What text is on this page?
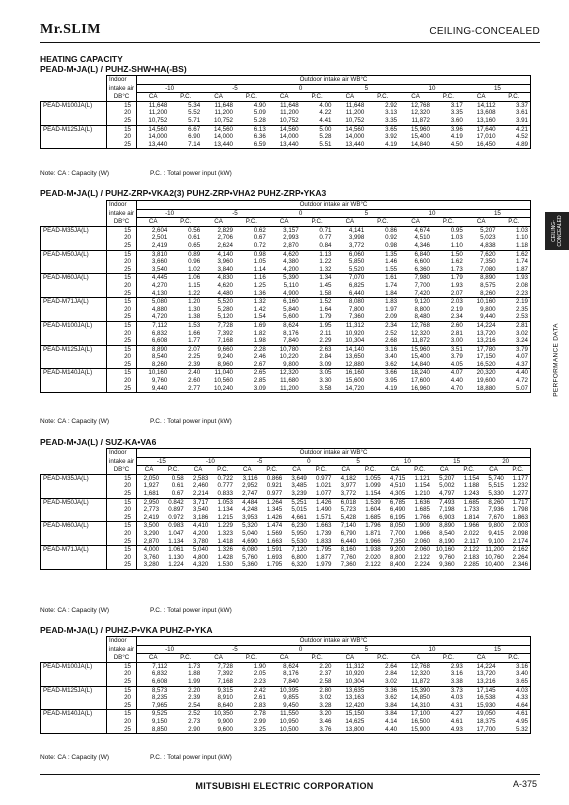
Mr.SLIM	CEILING-CONCEALED
CEILING-
CONCEALED
PERFORMANCE DATA
HEATING CAPACITY
PEAD-M•JA(L) / PUHZ-SHW•HA(-BS)
	Indoor	Outdoor intake air WB°C											
	intake air	-10		-5		0		5		10		15	
	DB°C	CA	P.C.	CA	P.C.	CA	P.C.	CA	P.C.	CA	P.C.	CA	P.C.
PEAD-M100JA(L)	15	11,648	5.34	11,648	4.90	11,648	4.00	11,648	2.92	12,768	3.17	14,112	3.37
	20	11,200	5.52	11,200	5.09	11,200	4.22	11,200	3.13	12,320	3.35	13,608	3.61
	25	10,752	5.71	10,752	5.28	10,752	4.41	10,752	3.35	11,872	3.60	13,160	3.91
PEAD-M125JA(L)	15	14,560	6.67	14,560	6.13	14,560	5.00	14,560	3.65	15,960	3.96	17,640	4.21
	20	14,000	6.90	14,000	6.36	14,000	5.28	14,000	3.92	15,400	4.19	17,010	4.52
	25	13,440	7.14	13,440	6.59	13,440	5.51	13,440	4.19	14,840	4.50	16,450	4.89
Note: CA : Capacity (W)	P.C. : Total power input (kW)
PEAD-M•JA(L) / PUHZ-ZRP•VKA2(3) PUHZ-ZRP•VHA2 PUHZ-ZRP•YKA3
	Indoor	Outdoor intake air WB°C											
	intake air	-10		-5		0		5		10		15	
	DB°C	CA	P.C.	CA	P.C.	CA	P.C.	CA	P.C.	CA	P.C.	CA	P.C.
PEAD-M35JA(L)	15	2,604	0.56	2,829	0.62	3,157	0.71	4,141	0.86	4,674	0.95	5,207	1.03
	20	2,501	0.61	2,706	0.67	2,993	0.77	3,998	0.92	4,510	1.03	5,023	1.10
	25	2,419	0.65	2,624	0.72	2,870	0.84	3,772	0.98	4,346	1.10	4,838	1.18
PEAD-M50JA(L)	15	3,810	0.89	4,140	0.98	4,620	1.13	6,060	1.35	6,840	1.50	7,620	1.62
	20	3,660	0.96	3,960	1.05	4,380	1.22	5,850	1.46	6,600	1.62	7,350	1.74
	25	3,540	1.02	3,840	1.14	4,200	1.32	5,520	1.55	6,360	1.73	7,080	1.87
PEAD-M60JA(L)	15	4,445	1.06	4,830	1.16	5,390	1.34	7,070	1.61	7,980	1.79	8,890	1.93
	20	4,270	1.15	4,620	1.25	5,110	1.45	6,825	1.74	7,700	1.93	8,575	2.08
	25	4,130	1.22	4,480	1.36	4,900	1.58	6,440	1.84	7,420	2.07	8,260	2.23
PEAD-M71JA(L)	15	5,080	1.20	5,520	1.32	6,160	1.52	8,080	1.83	9,120	2.03	10,160	2.19
	20	4,880	1.30	5,280	1.42	5,840	1.64	7,800	1.97	8,800	2.19	9,800	2.35
	25	4,720	1.38	5,120	1.54	5,600	1.79	7,360	2.09	8,480	2.34	9,440	2.53
PEAD-M100JA(L)	15	7,112	1.53	7,728	1.69	8,624	1.95	11,312	2.34	12,768	2.60	14,224	2.81
	20	6,832	1.66	7,392	1.82	8,176	2.11	10,920	2.52	12,320	2.81	13,720	3.02
	25	6,608	1.77	7,168	1.98	7,840	2.29	10,304	2.68	11,872	3.00	13,216	3.24
PEAD-M125JA(L)	15	8,890	2.07	9,660	2.28	10,780	2.63	14,140	3.16	15,960	3.51	17,780	3.79
	20	8,540	2.25	9,240	2.46	10,220	2.84	13,650	3.40	15,400	3.79	17,150	4.07
	25	8,260	2.39	8,960	2.67	9,800	3.09	12,880	3.62	14,840	4.05	16,520	4.37
PEAD-M140JA(L)	15	10,160	2.40	11,040	2.65	12,320	3.05	16,160	3.66	18,240	4.07	20,320	4.40
	20	9,760	2.60	10,560	2.85	11,680	3.30	15,600	3.95	17,600	4.40	19,600	4.72
	25	9,440	2.77	10,240	3.09	11,200	3.58	14,720	4.19	16,960	4.70	18,880	5.07
Note: CA : Capacity (W)	P.C. : Total power input (kW)
PEAD-M•JA(L) / SUZ-KA•VA6
	Indoor	Outdoor intake air WB°C															
	intake air	-15		-10		-5		0		5		10		15		20	
	DB°C	CA	P.C.	CA	P.C.	CA	P.C.	CA	P.C.	CA	P.C.	CA	P.C.	CA	P.C.	CA	P.C.
PEAD-M35JA(L)	15	2,050	0.58	2,583	0.722	3,116	0.866	3,649	0.977	4,182	1.055	4,715	1.121	5,207	1.154	5,740	1.177
	20	1,927	0.61	2,460	0.777	2,952	0.921	3,485	1.021	3,977	1.099	4,510	1.154	5,002	1.188	5,515	1.232
	25	1,681	0.67	2,214	0.833	2,747	0.977	3,239	1.077	3,772	1.154	4,305	1.210	4,797	1.243	5,330	1.277
PEAD-M50JA(L)	15	2,950	0.842	3,717	1.053	4,484	1.264	5,251	1.426	6,018	1.539	6,785	1.636	7,493	1.685	8,260	1.717
	20	2,773	0.897	3,540	1.134	4,248	1.345	5,015	1.490	5,723	1.604	6,490	1.685	7,198	1.733	7,936	1.798
	25	2,419	0.972	3,186	1.215	3,953	1.426	4,661	1.571	5,428	1.685	6,195	1.766	6,903	1.814	7,670	1.863
PEAD-M60JA(L)	15	3,500	0.983	4,410	1.229	5,320	1.474	6,230	1.663	7,140	1.796	8,050	1.909	8,890	1.966	9,800	2.003
	20	3,290	1.047	4,200	1.323	5,040	1.569	5,950	1.739	6,790	1.871	7,700	1.966	8,540	2.022	9,415	2.098
	25	2,870	1.134	3,780	1.418	4,690	1.663	5,530	1.833	6,440	1.966	7,350	2.060	8,190	2.117	9,100	2.174
PEAD-M71JA(L)	15	4,000	1.061	5,040	1.326	6,080	1.591	7,120	1.795	8,160	1.938	9,200	2.060	10,160	2.122	11,200	2.162
	20	3,760	1.130	4,800	1.428	5,760	1.693	6,800	1.877	7,760	2.020	8,800	2.122	9,760	2.183	10,760	2.264
	25	3,280	1.224	4,320	1.530	5,360	1.795	6,320	1.979	7,360	2.122	8,400	2.224	9,360	2.285	10,400	2.346
Note: CA : Capacity (W)	P.C. : Total power input (kW)
PEAD-M•JA(L) / PUHZ-P•VKA PUHZ-P•YKA
	Indoor	Outdoor intake air WB°C											
	intake air	-10		-5		0		5		10		15	
	DB°C	CA	P.C.	CA	P.C.	CA	P.C.	CA	P.C.	CA	P.C.	CA	P.C.
PEAD-M100JA(L)	15	7,112	1.73	7,728	1.90	8,624	2.20	11,312	2.64	12,768	2.93	14,224	3.16
	20	6,832	1.88	7,392	2.05	8,176	2.37	10,920	2.84	12,320	3.16	13,720	3.40
	25	6,608	1.99	7,168	2.23	7,840	2.58	10,304	3.02	11,872	3.38	13,216	3.65
PEAD-M125JA(L)	15	8,573	2.20	9,315	2.42	10,395	2.80	13,635	3.36	15,390	3.73	17,145	4.03
	20	8,235	2.39	8,910	2.61	9,855	3.02	13,163	3.62	14,850	4.03	16,538	4.33
	25	7,965	2.54	8,640	2.83	9,450	3.28	12,420	3.84	14,310	4.31	15,930	4.64
PEAD-M140JA(L)	15	9,525	2.52	10,350	2.78	11,550	3.20	15,150	3.84	17,100	4.27	19,050	4.61
	20	9,150	2.73	9,900	2.99	10,950	3.46	14,625	4.14	16,500	4.61	18,375	4.95
	25	8,850	2.90	9,600	3.25	10,500	3.76	13,800	4.40	15,900	4.93	17,700	5.32
Note: CA : Capacity (W)	P.C. : Total power input (kW)
MITSUBISHI ELECTRIC CORPORATION	A-375
